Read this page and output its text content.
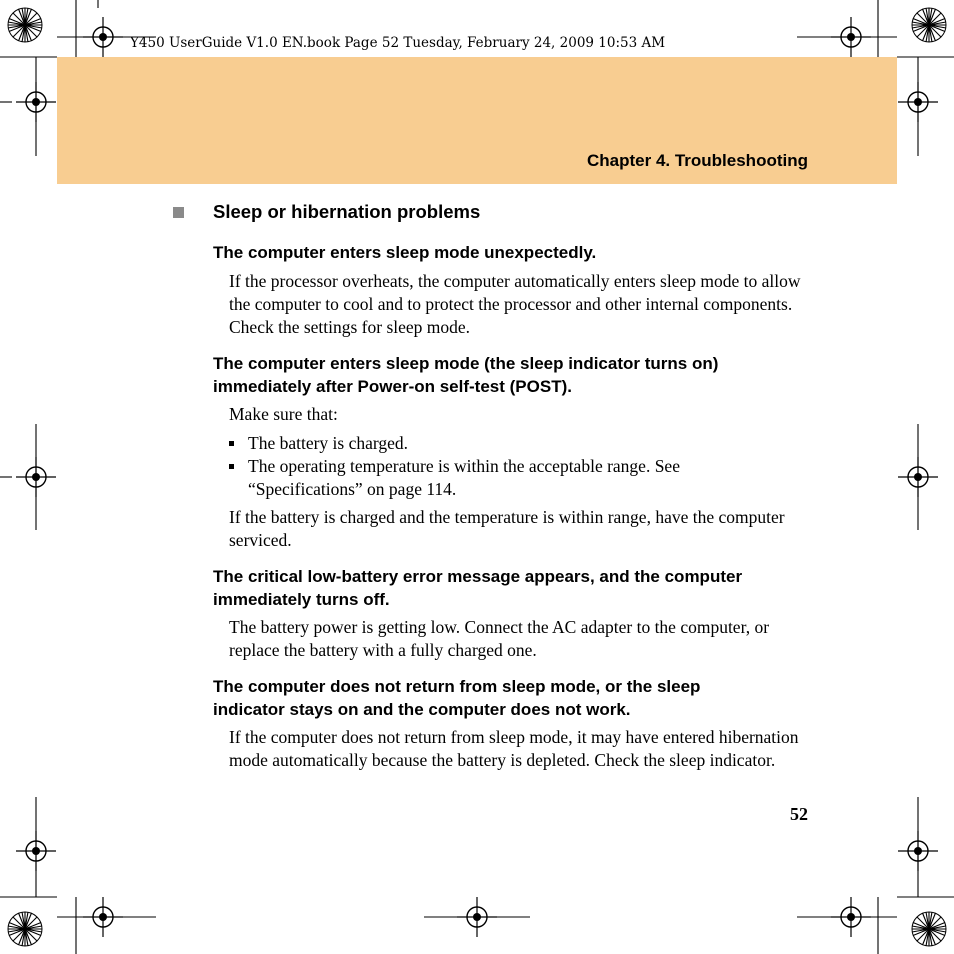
Y450 UserGuide V1.0 EN.book Page 52 Tuesday, February 24, 2009 10:53 AM
Chapter 4. Troubleshooting
Sleep or hibernation problems
The computer enters sleep mode unexpectedly.
If the processor overheats, the computer automatically enters sleep mode to allow the computer to cool and to protect the processor and other internal components. Check the settings for sleep mode.
The computer enters sleep mode (the sleep indicator turns on) immediately after Power-on self-test (POST).
Make sure that:
The battery is charged.
The operating temperature is within the acceptable range. See “Specifications” on page 114.
If the battery is charged and the temperature is within range, have the computer serviced.
The critical low-battery error message appears, and the computer immediately turns off.
The battery power is getting low. Connect the AC adapter to the computer, or replace the battery with a fully charged one.
The computer does not return from sleep mode, or the sleep indicator stays on and the computer does not work.
If the computer does not return from sleep mode, it may have entered hibernation mode automatically because the battery is depleted. Check the sleep indicator.
52
